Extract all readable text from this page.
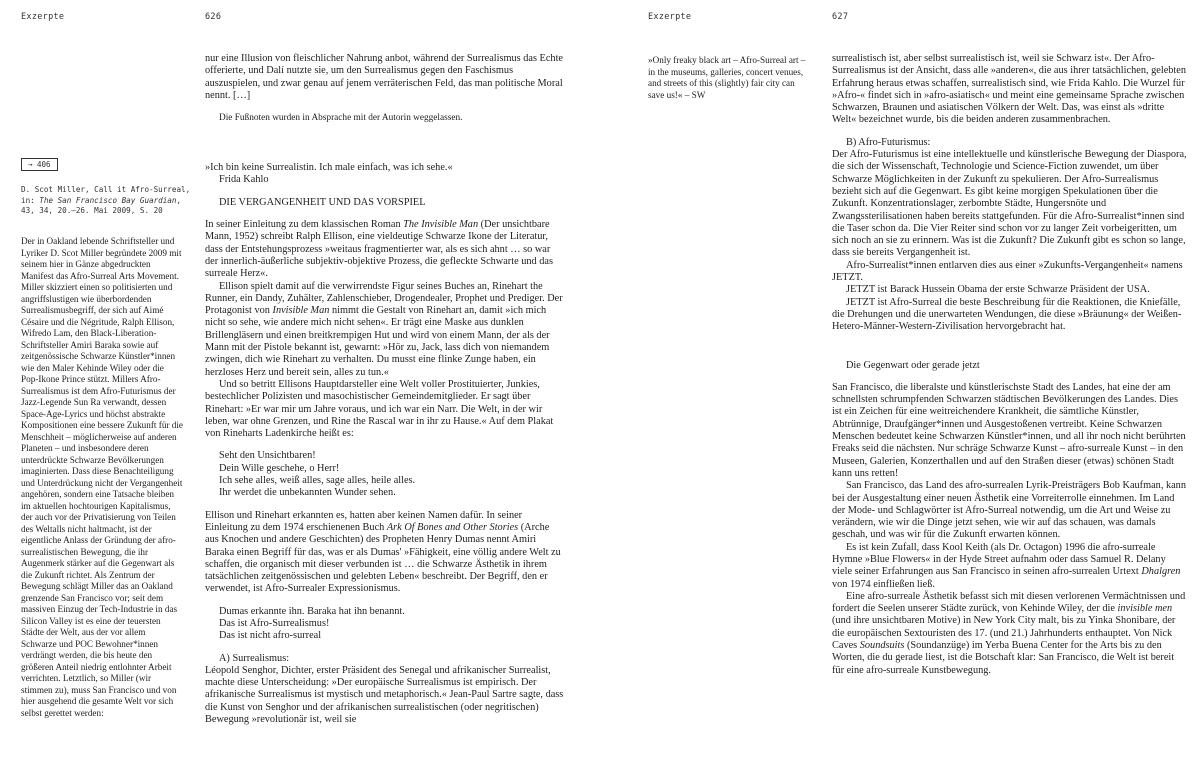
Exzerpte	626
→ 406
D. Scot Miller, Call it Afro-Surreal, in: The San Francisco Bay Guardian, 43, 34, 20.–26. Mai 2009, S. 20
Der in Oakland lebende Schriftsteller und Lyriker D. Scot Miller begründete 2009 mit seinem hier in Gänze abgedruckten Manifest das Afro-Surreal Arts Movement. Miller skizziert einen so politisierten und angriffslustigen wie überbordenden Surrealismusbegriff, der sich auf Aimé Césaire und die Négritude, Ralph Ellison, Wifredo Lam, den Black-Liberation-Schriftsteller Amiri Baraka sowie auf zeitgenössische Schwarze Künstler*innen wie den Maler Kehinde Wiley oder die Pop-Ikone Prince stützt. Millers Afro-Surrealismus ist dem Afro-Futurismus der Jazz-Legende Sun Ra verwandt, dessen Space-Age-Lyrics und höchst abstrakte Kompositionen eine bessere Zukunft für die Menschheit – möglicherweise auf anderen Planeten – und insbesondere deren unterdrückte Schwarze Bevölkerungen imaginierten. Dass diese Benachteiligung und Unterdrückung nicht der Vergangenheit angehören, sondern eine Tatsache bleiben im aktuellen hochtourigen Kapitalismus, der auch vor der Privatisierung von Teilen des Weltalls nicht haltmacht, ist der eigentliche Anlass der Gründung der afro-surrealistischen Bewegung, die ihr Augenmerk stärker auf die Gegenwart als die Zukunft richtet. Als Zentrum der Bewegung schlägt Miller das an Oakland grenzende San Francisco vor; seit dem massiven Einzug der Tech-Industrie in das Silicon Valley ist es eine der teuersten Städte der Welt, aus der vor allem Schwarze und POC Bewohner*innen verdrängt werden, die bis heute den größeren Anteil niedrig entlohnter Arbeit verrichten. Letztlich, so Miller (wir stimmen zu), muss San Francisco und von hier ausgehend die gesamte Welt vor sich selbst gerettet werden:

nur eine Illusion von fleischlicher Nahrung anbot, während der Surrealismus das Echte offerierte, und Dalí nutzte sie, um den Surrealismus gegen den Faschismus auszuspielen, und zwar genau auf jenem verräterischen Feld, das man politische Moral nennt. […]

Die Fußnoten wurden in Absprache mit der Autorin weggelassen.

»Ich bin keine Surrealistin. Ich male einfach, was ich sehe.«

Frida Kahlo

DIE VERGANGENHEIT UND DAS VORSPIEL

In seiner Einleitung zu dem klassischen Roman The Invisible Man (Der unsichtbare Mann, 1952) schreibt Ralph Ellison, eine vieldeutige Schwarze Ikone der Literatur, dass der Entstehungsprozess »weitaus fragmentierter war, als es sich ahnt … so war der innerlich-äußerliche subjektiv-objektive Prozess, die gefleckte Schwarte und das surreale Herz«.

Ellison spielt damit auf die verwirrendste Figur seines Buches an, Rinehart the Runner, ein Dandy, Zuhälter, Zahlenschieber, Drogendealer, Prophet und Prediger. Der Protagonist von Invisible Man nimmt die Gestalt von Rinehart an, damit »ich mich nicht so sehe, wie andere mich nicht sehen«. Er trägt eine Maske aus dunklen Brillengläsern und einen breitkrempigen Hut und wird von einem Mann, der als der Mann mit der Pistole bekannt ist, gewarnt: »Hör zu, Jack, lass dich von niemandem zwingen, dich wie Rinehart zu verhalten. Du musst eine flinke Zunge haben, ein herzloses Herz und bereit sein, alles zu tun.«

Und so betritt Ellisons Hauptdarsteller eine Welt voller Prostituierter, Junkies, bestechlicher Polizisten und masochistischer Gemeindemitglieder. Er sagt über Rinehart: »Er war mir um Jahre voraus, und ich war ein Narr. Die Welt, in der wir leben, war ohne Grenzen, und Rine the Rascal war in ihr zu Hause.« Auf dem Plakat von Rineharts Ladenkirche heißt es:

Seht den Unsichtbaren!
Dein Wille geschehe, o Herr!
Ich sehe alles, weiß alles, sage alles, heile alles.
Ihr werdet die unbekannten Wunder sehen.

Ellison und Rinehart erkannten es, hatten aber keinen Namen dafür. In seiner Einleitung zu dem 1974 erschienenen Buch Ark Of Bones and Other Stories (Arche aus Knochen und andere Geschichten) des Propheten Henry Dumas nennt Amiri Baraka einen Begriff für das, was er als Dumas' »Fähigkeit, eine völlig andere Welt zu schaffen, die organisch mit dieser verbunden ist … die Schwarze Ästhetik in ihrem tatsächlichen zeitgenössischen und gelebten Leben« beschreibt. Der Begriff, den er verwendet, ist Afro-Surrealer Expressionismus.

Dumas erkannte ihn. Baraka hat ihn benannt.
Das ist Afro-Surrealismus!
Das ist nicht afro-surreal

A) Surrealismus:

Léopold Senghor, Dichter, erster Präsident des Senegal und afrikanischer Surrealist, machte diese Unterscheidung: »Der europäische Surrealismus ist empirisch. Der afrikanische Surrealismus ist mystisch und metaphorisch.« Jean-Paul Sartre sagte, dass die Kunst von Senghor und der afrikanischen surrealistischen (oder negritischen) Bewegung »revolutionär ist, weil sie

Exzerpte	627
»Only freaky black art – Afro-Surreal art – in the museums, galleries, concert venues, and streets of this (slightly) fair city can save us!« – SW

surrealistisch ist, aber selbst surrealistisch ist, weil sie Schwarz ist«. Der Afro-Surrealismus ist der Ansicht, dass alle »anderen«, die aus ihrer tatsächlichen, gelebten Erfahrung heraus etwas schaffen, surrealistisch sind, wie Frida Kahlo. Die Wurzel für »Afro-« findet sich in »afro-asiatisch« und meint eine gemeinsame Sprache zwischen Schwarzen, Braunen und asiatischen Völkern der Welt. Das, was einst als »dritte Welt« bezeichnet wurde, bis die beiden anderen zusammenbrachen.

B) Afro-Futurismus:

Der Afro-Futurismus ist eine intellektuelle und künstlerische Bewegung der Diaspora, die sich der Wissenschaft, Technologie und Science-Fiction zuwendet, um über Schwarze Möglichkeiten in der Zukunft zu spekulieren. Der Afro-Surrealismus bezieht sich auf die Gegenwart. Es gibt keine morgigen Spekulationen über die Zukunft. Konzentrationslager, zerbombte Städte, Hungersnöte und Zwangssterilisationen haben bereits stattgefunden. Für die Afro-Surrealist*innen sind die Taser schon da. Die Vier Reiter sind schon vor zu langer Zeit vorbeigeritten, um sich noch an sie zu erinnern. Was ist die Zukunft? Die Zukunft gibt es schon so lange, dass sie bereits Vergangenheit ist.

Afro-Surrealist*innen entlarven dies aus einer »Zukunfts-Vergangenheit« namens JETZT.

JETZT ist Barack Hussein Obama der erste Schwarze Präsident der USA.

JETZT ist Afro-Surreal die beste Beschreibung für die Reaktionen, die Kniefälle, die Drehungen und die unerwarteten Wendungen, die diese »Bräunung« der Weißen-Hetero-Männer-Western-Zivilisation hervorgebracht hat.

Die Gegenwart oder gerade jetzt

San Francisco, die liberalste und künstlerischste Stadt des Landes, hat eine der am schnellsten schrumpfenden Schwarzen städtischen Bevölkerungen des Landes. Dies ist ein Zeichen für eine weitreichendere Krankheit, die sämtliche Künstler, Abtrünnige, Draufgänger*innen und Ausgestoßenen vertreibt. Keine Schwarzen Menschen bedeutet keine Schwarzen Künstler*innen, und all ihr noch nicht berührten Freaks seid die nächsten. Nur schräge Schwarze Kunst – afro-surreale Kunst – in den Museen, Galerien, Konzerthallen und auf den Straßen dieser (etwas) schönen Stadt kann uns retten!

San Francisco, das Land des afro-surrealen Lyrik-Preisträgers Bob Kaufman, kann bei der Ausgestaltung einer neuen Ästhetik eine Vorreiterrolle einnehmen. Im Land der Mode- und Schlagwörter ist Afro-Surreal notwendig, um die Art und Weise zu verändern, wie wir die Dinge jetzt sehen, wie wir auf das schauen, was damals geschah, und was wir für die Zukunft erwarten können.

Es ist kein Zufall, dass Kool Keith (als Dr. Octagon) 1996 die afro-surreale Hymne »Blue Flowers« in der Hyde Street aufnahm oder dass Samuel R. Delany viele seiner Erfahrungen aus San Francisco in seinen afro-surrealen Urtext Dhalgren von 1974 einfließen ließ.

Eine afro-surreale Ästhetik befasst sich mit diesen verlorenen Vermächtnissen und fordert die Seelen unserer Städte zurück, von Kehinde Wiley, der die invisible men (und ihre unsichtbaren Motive) in New York City malt, bis zu Yinka Shonibare, der die europäischen Sextouristen des 17. (und 21.) Jahrhunderts enthauptet. Von Nick Caves Soundsuits (Soundanzüge) im Yerba Buena Center for the Arts bis zu den Worten, die du gerade liest, ist die Botschaft klar: San Francisco, die Welt ist bereit für eine afro-surreale Kunstbewegung.
